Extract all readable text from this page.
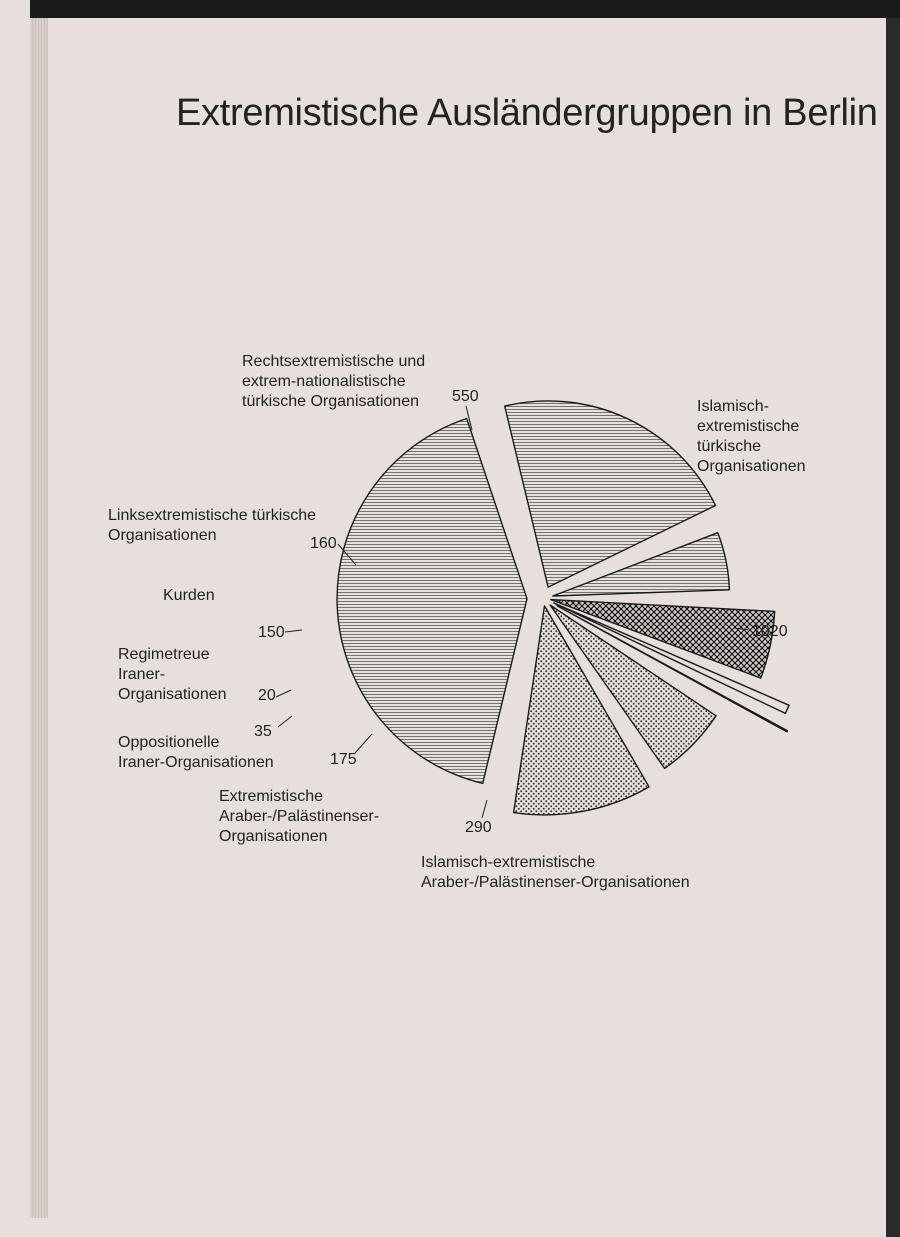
Extremistische Ausländergruppen in Berlin
1020
Islamisch-extremistische türkische Organisationen
550
Rechtsextremistische und extrem-nationalistische türkische Organisationen
160
Linksextremistische türkische Organisationen
150
Kurden
20
Regimetreue Iraner-Organisationen
35
Oppositionelle Iraner-Organisationen	175
Extremistische Araber-/Palästinenser-Organisationen
290
Islamisch-extremistische Araber-/Palästinenser-Organisationen
